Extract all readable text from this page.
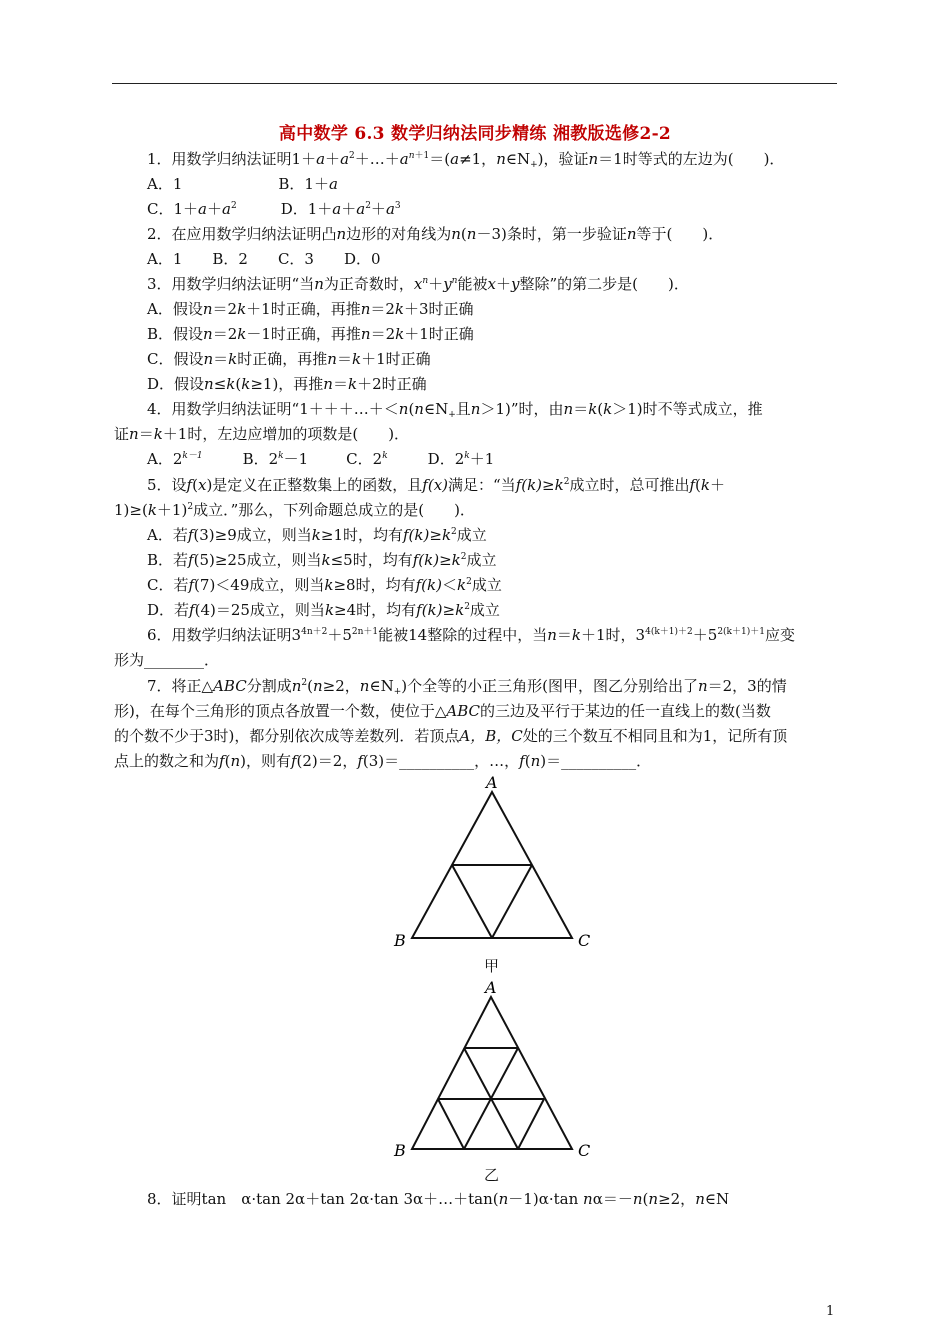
高中数学 6.3 数学归纳法同步精练 湘教版选修2-2
1．用数学归纳法证明$1+a+a^2+\dots+a^{n+1}=(a\ne 1$，$n\in N_+$)，验证n＝1时等式的左边为(　　)．
A．1	B．1＋a
C．$1+a+a^2$	D．$1+a+a^2+a^3$
2．在应用数学归纳法证明凸n边形的对角线为n(n－3)条时，第一步验证n等于(　　)．
A．1　　B．2　　C．3　　D．0
3．用数学归纳法证明“当n为正奇数时，$x^n+y^n$能被x＋y整除”的第二步是(　　)．
A．假设n＝2k＋1时正确，再推n＝2k＋3时正确
B．假设n＝2k－1时正确，再推n＝2k＋1时正确
C．假设n＝k时正确，再推n＝k＋1时正确
D．假设n≤k(k≥1)，再推n＝k＋2时正确
4．用数学归纳法证明“$1+++\dots+<n(n\in N_+$且n＞1)”时，由n＝k(k＞1)时不等式成立，推
证n＝k＋1时，左边应增加的项数是(　　)．
A．$2^{k-1}$	B．$2^k-1$	C．2$^k$	D．$2^k+1$
5．设f(x)是定义在正整数集上的函数，且f(x)满足：“当$f(k)\ge k^2$成立时，总可推出f(k＋
$1)\ge(k+1)^2$成立．”那么，下列命题总成立的是(　　)．
A．若f(3)≥9成立，则当k≥1时，均有$f(k)\ge k^2$成立
B．若f(5)≥25成立，则当k≤5时，均有$f(k)\ge k^2$成立
C．若f(7)＜49成立，则当k≥8时，均有$f(k)<k^2$成立
D．若f(4)＝25成立，则当k≥4时，均有$f(k)\ge k^2$成立
6．用数学归纳法证明$3^{4n+2}+5^{2n+1}$能被14整除的过程中，当n＝k＋1时，$3^{4(k+1)+2}+5^{2(k+1)+1}$应变
形为________．
7．将正△ABC分割成$n^2(n\ge 2$，$n\in N_+$)个全等的小正三角形(图甲，图乙分别给出了n＝2，3的情
形)，在每个三角形的顶点各放置一个数，使位于△ABC的三边及平行于某边的任一直线上的数(当数
的个数不少于3时)，都分别依次成等差数列．若顶点A，B，C处的三个数互不相同且和为1，记所有顶
点上的数之和为f(n)，则有f(2)＝2，f(3)＝__________，…，f(n)＝__________．
A
B	C
甲
A
B	C
乙
8．证明tan　α·tan 2α＋tan 2α·tan 3α＋…＋tan(n－1)α·tan nα＝－n(n≥2，n∈N
1
